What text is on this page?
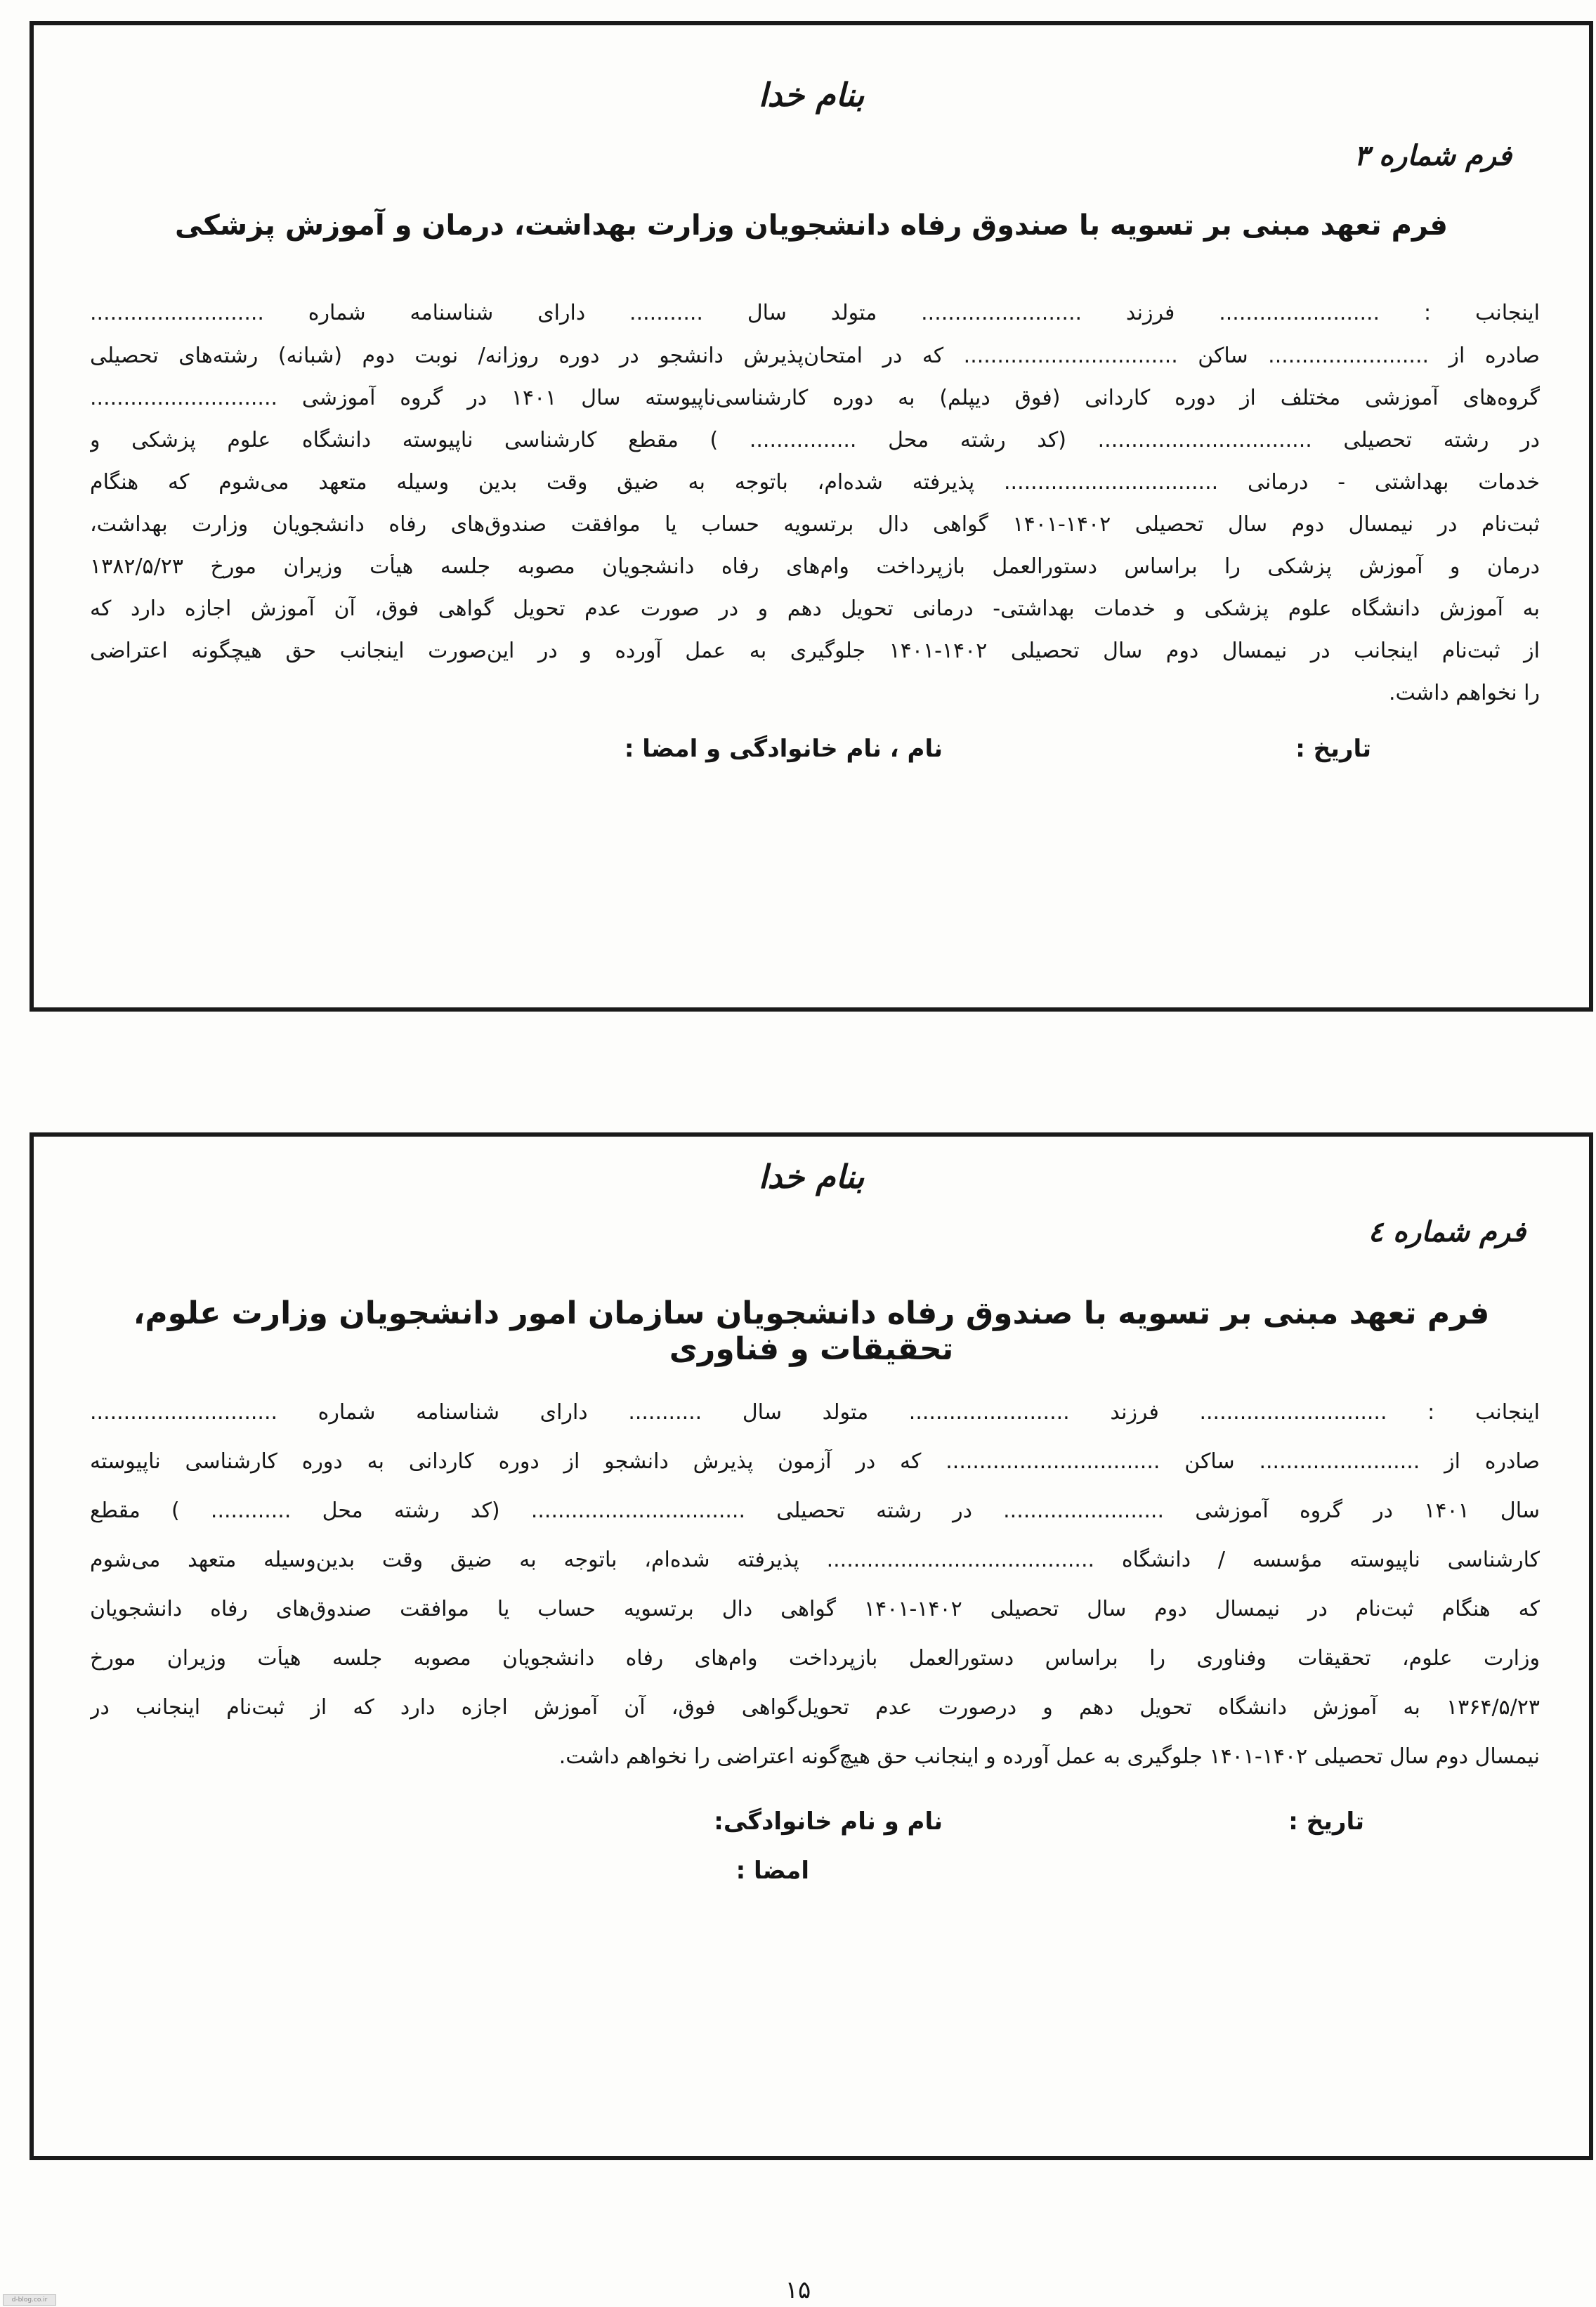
بنام خدا
فرم شماره ۳
فرم تعهد مبنی بر تسویه با صندوق رفاه دانشجویان وزارت بهداشت، درمان و آموزش پزشکی
اینجانب : ........................ فرزند ........................ متولد سال ........... دارای شناسنامه شماره ..........................
صادره از ........................ ساکن ................................ که در امتحان‌پذیرش دانشجو در دوره روزانه/ نوبت دوم (شبانه) رشته‌های تحصیلی
گروه‌های آموزشی مختلف از دوره کاردانی (فوق دیپلم) به دوره کارشناسی‌ناپیوسته سال ۱۴۰۱ در گروه آموزشی ............................
در رشته تحصیلی ................................ (کد رشته محل ................ ) مقطع کارشناسی ناپیوسته دانشگاه علوم پزشکی و
خدمات بهداشتی - درمانی ................................ پذیرفته شده‌ام، باتوجه به ضیق وقت بدین وسیله متعهد می‌شوم که هنگام
ثبت‌نام در نیمسال دوم سال تحصیلی ۱۴۰۲-۱۴۰۱ گواهی دال برتسویه حساب یا موافقت صندوق‌های رفاه دانشجویان وزارت بهداشت،
درمان و آموزش پزشکی را براساس دستورالعمل بازپرداخت وام‌های رفاه دانشجویان مصوبه جلسه هیأت وزیران مورخ ۱۳۸۲/۵/۲۳
به آموزش دانشگاه علوم پزشکی و خدمات بهداشتی- درمانی تحویل دهم و در صورت عدم تحویل گواهی فوق، آن آموزش اجازه دارد که
از ثبت‌نام اینجانب در نیمسال دوم سال تحصیلی ۱۴۰۲-۱۴۰۱ جلوگیری به عمل آورده و در این‌صورت اینجانب حق هیچگونه اعتراضی
را نخواهم داشت.
تاریخ :
نام ، نام خانوادگی و امضا :
بنام خدا
فرم شماره ٤
فرم تعهد مبنی بر تسویه با صندوق رفاه دانشجویان سازمان امور دانشجویان وزارت علوم، تحقیقات و فناوری
اینجانب : ............................ فرزند ........................ متولد سال ........... دارای شناسنامه شماره ............................
صادره از ........................ ساکن ................................ که در آزمون پذیرش دانشجو از دوره کاردانی به دوره کارشناسی ناپیوسته
سال ۱۴۰۱ در گروه آموزشی ........................ در رشته تحصیلی ................................ (کد رشته محل ............ ) مقطع
کارشناسی ناپیوسته مؤسسه / دانشگاه ........................................ پذیرفته شده‌ام، باتوجه به ضیق وقت بدین‌وسیله متعهد می‌شوم
که هنگام ثبت‌نام در نیمسال دوم سال تحصیلی ۱۴۰۲-۱۴۰۱ گواهی دال برتسویه حساب یا موافقت صندوق‌های رفاه دانشجویان
وزارت علوم، تحقیقات وفناوری را براساس دستورالعمل بازپرداخت وام‌های رفاه دانشجویان مصوبه جلسه هیأت وزیران مورخ
۱۳۶۴/۵/۲۳ به آموزش دانشگاه تحویل دهم و درصورت عدم تحویل‌گواهی فوق، آن آموزش اجازه دارد که از ثبت‌نام اینجانب در
نیمسال دوم سال تحصیلی ۱۴۰۲-۱۴۰۱ جلوگیری به عمل آورده و اینجانب حق هیچ‌گونه اعتراضی را نخواهم داشت.
تاریخ :
نام و نام خانوادگی:
امضا :
۱۵
d-blog.co.ir
